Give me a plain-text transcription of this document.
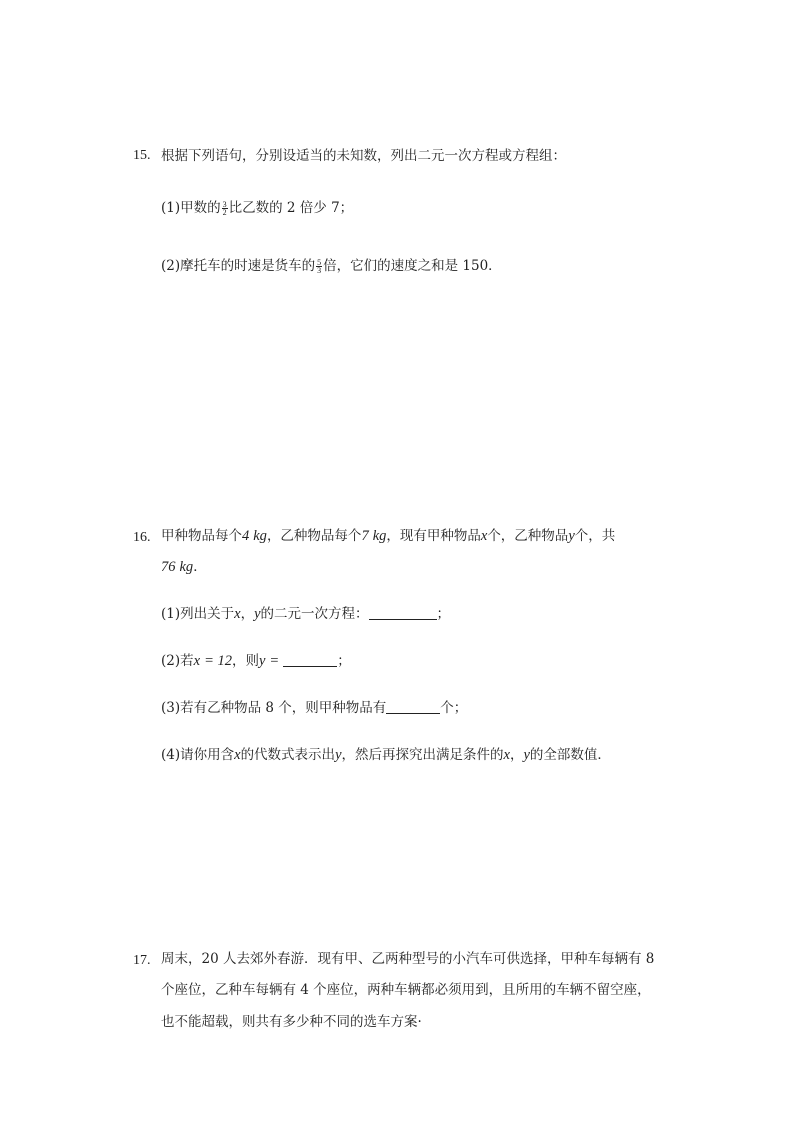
15. 根据下列语句，分别设适当的未知数，列出二元一次方程或方程组：
(1)甲数的 $\frac{3}{2}$ 比乙数的 2 倍少 7；
(2)摩托车的时速是货车的 $\frac{5}{3}$ 倍，它们的速度之和是 150．
16. 甲种物品每个4 kg，乙种物品每个7 kg，现有甲种物品x个，乙种物品y个，共
76 kg．
(1)列出关于x，y的二元一次方程：	；
(2)若x = 12，则y =	；
(3)若有乙种物品 8 个，则甲种物品有	个；
(4)请你用含x的代数式表示出y，然后再探究出满足条件的x，y的全部数值．
17. 周末，20 人去郊外春游．现有甲、乙两种型号的小汽车可供选择，甲种车每辆有 8
个座位，乙种车每辆有 4 个座位，两种车辆都必须用到，且所用的车辆不留空座，
也不能超载，则共有多少种不同的选车方案·
